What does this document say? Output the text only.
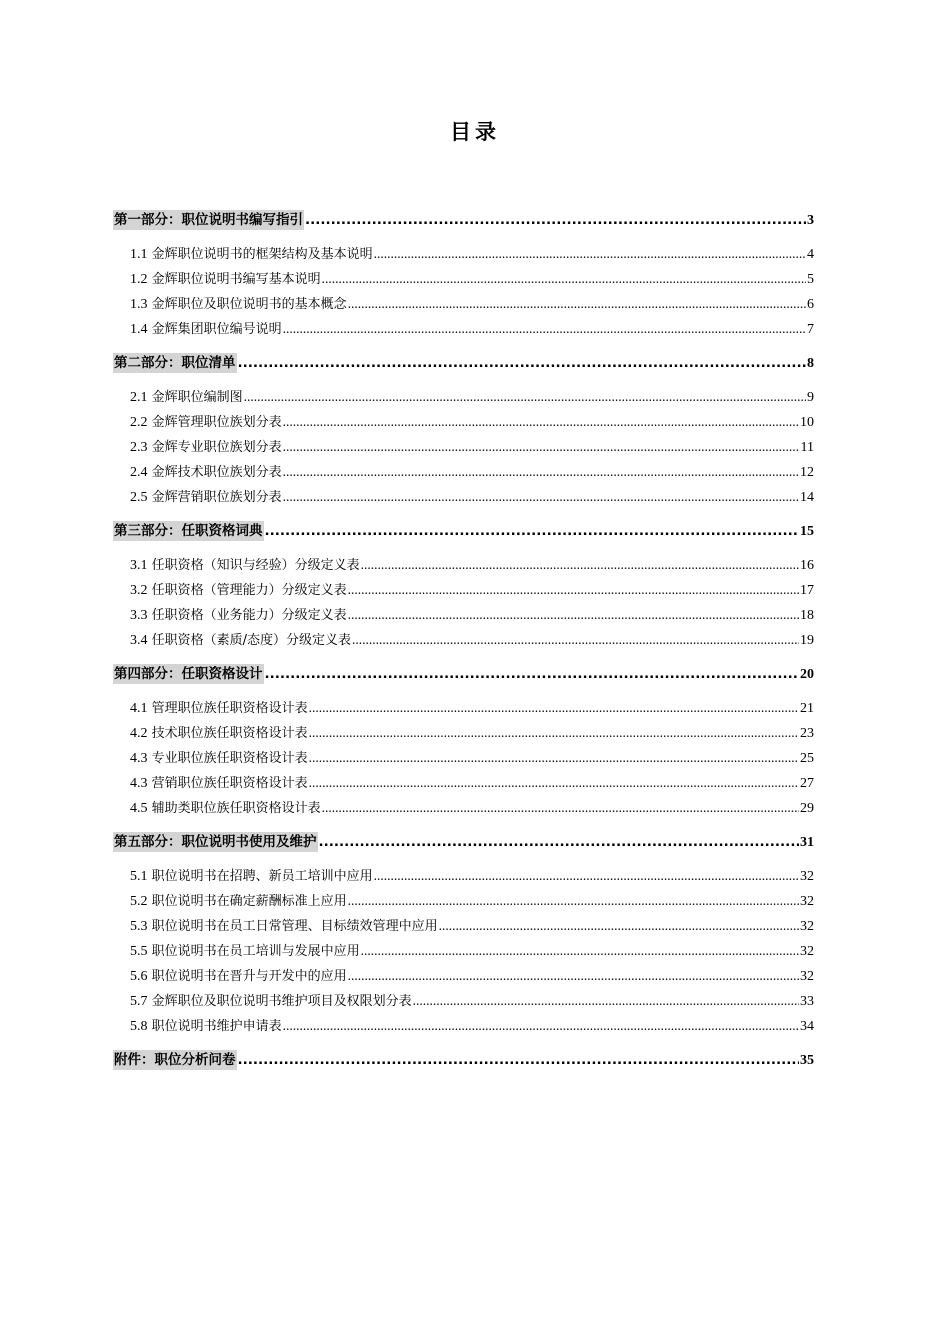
目录
第一部分：职位说明书编写指引 .....	3
1.1 金辉职位说明书的框架结构及基本说明 .....	4
1.2 金辉职位说明书编写基本说明 .....	5
1.3 金辉职位及职位说明书的基本概念 .....	6
1.4 金辉集团职位编号说明 .....	7
第二部分：职位清单 .....	8
2.1 金辉职位编制图 .....	9
2.2 金辉管理职位族划分表 .....	10
2.3 金辉专业职位族划分表 .....	11
2.4 金辉技术职位族划分表 .....	12
2.5 金辉营销职位族划分表 .....	14
第三部分：任职资格词典 .....	15
3.1 任职资格（知识与经验）分级定义表 .....	16
3.2 任职资格（管理能力）分级定义表 .....	17
3.3 任职资格（业务能力）分级定义表 .....	18
3.4 任职资格（素质/态度）分级定义表 .....	19
第四部分：任职资格设计 .....	20
4.1 管理职位族任职资格设计表 .....	21
4.2 技术职位族任职资格设计表 .....	23
4.3 专业职位族任职资格设计表 .....	25
4.3 营销职位族任职资格设计表 .....	27
4.5 辅助类职位族任职资格设计表 .....	29
第五部分：职位说明书使用及维护 .....	31
5.1 职位说明书在招聘、新员工培训中应用 .....	32
5.2 职位说明书在确定薪酬标准上应用 .....	32
5.3 职位说明书在员工日常管理、目标绩效管理中应用 .....	32
5.5 职位说明书在员工培训与发展中应用 .....	32
5.6 职位说明书在晋升与开发中的应用 .....	32
5.7 金辉职位及职位说明书维护项目及权限划分表 .....	33
5.8 职位说明书维护申请表 .....	34
附件：职位分析问卷 .....	35
